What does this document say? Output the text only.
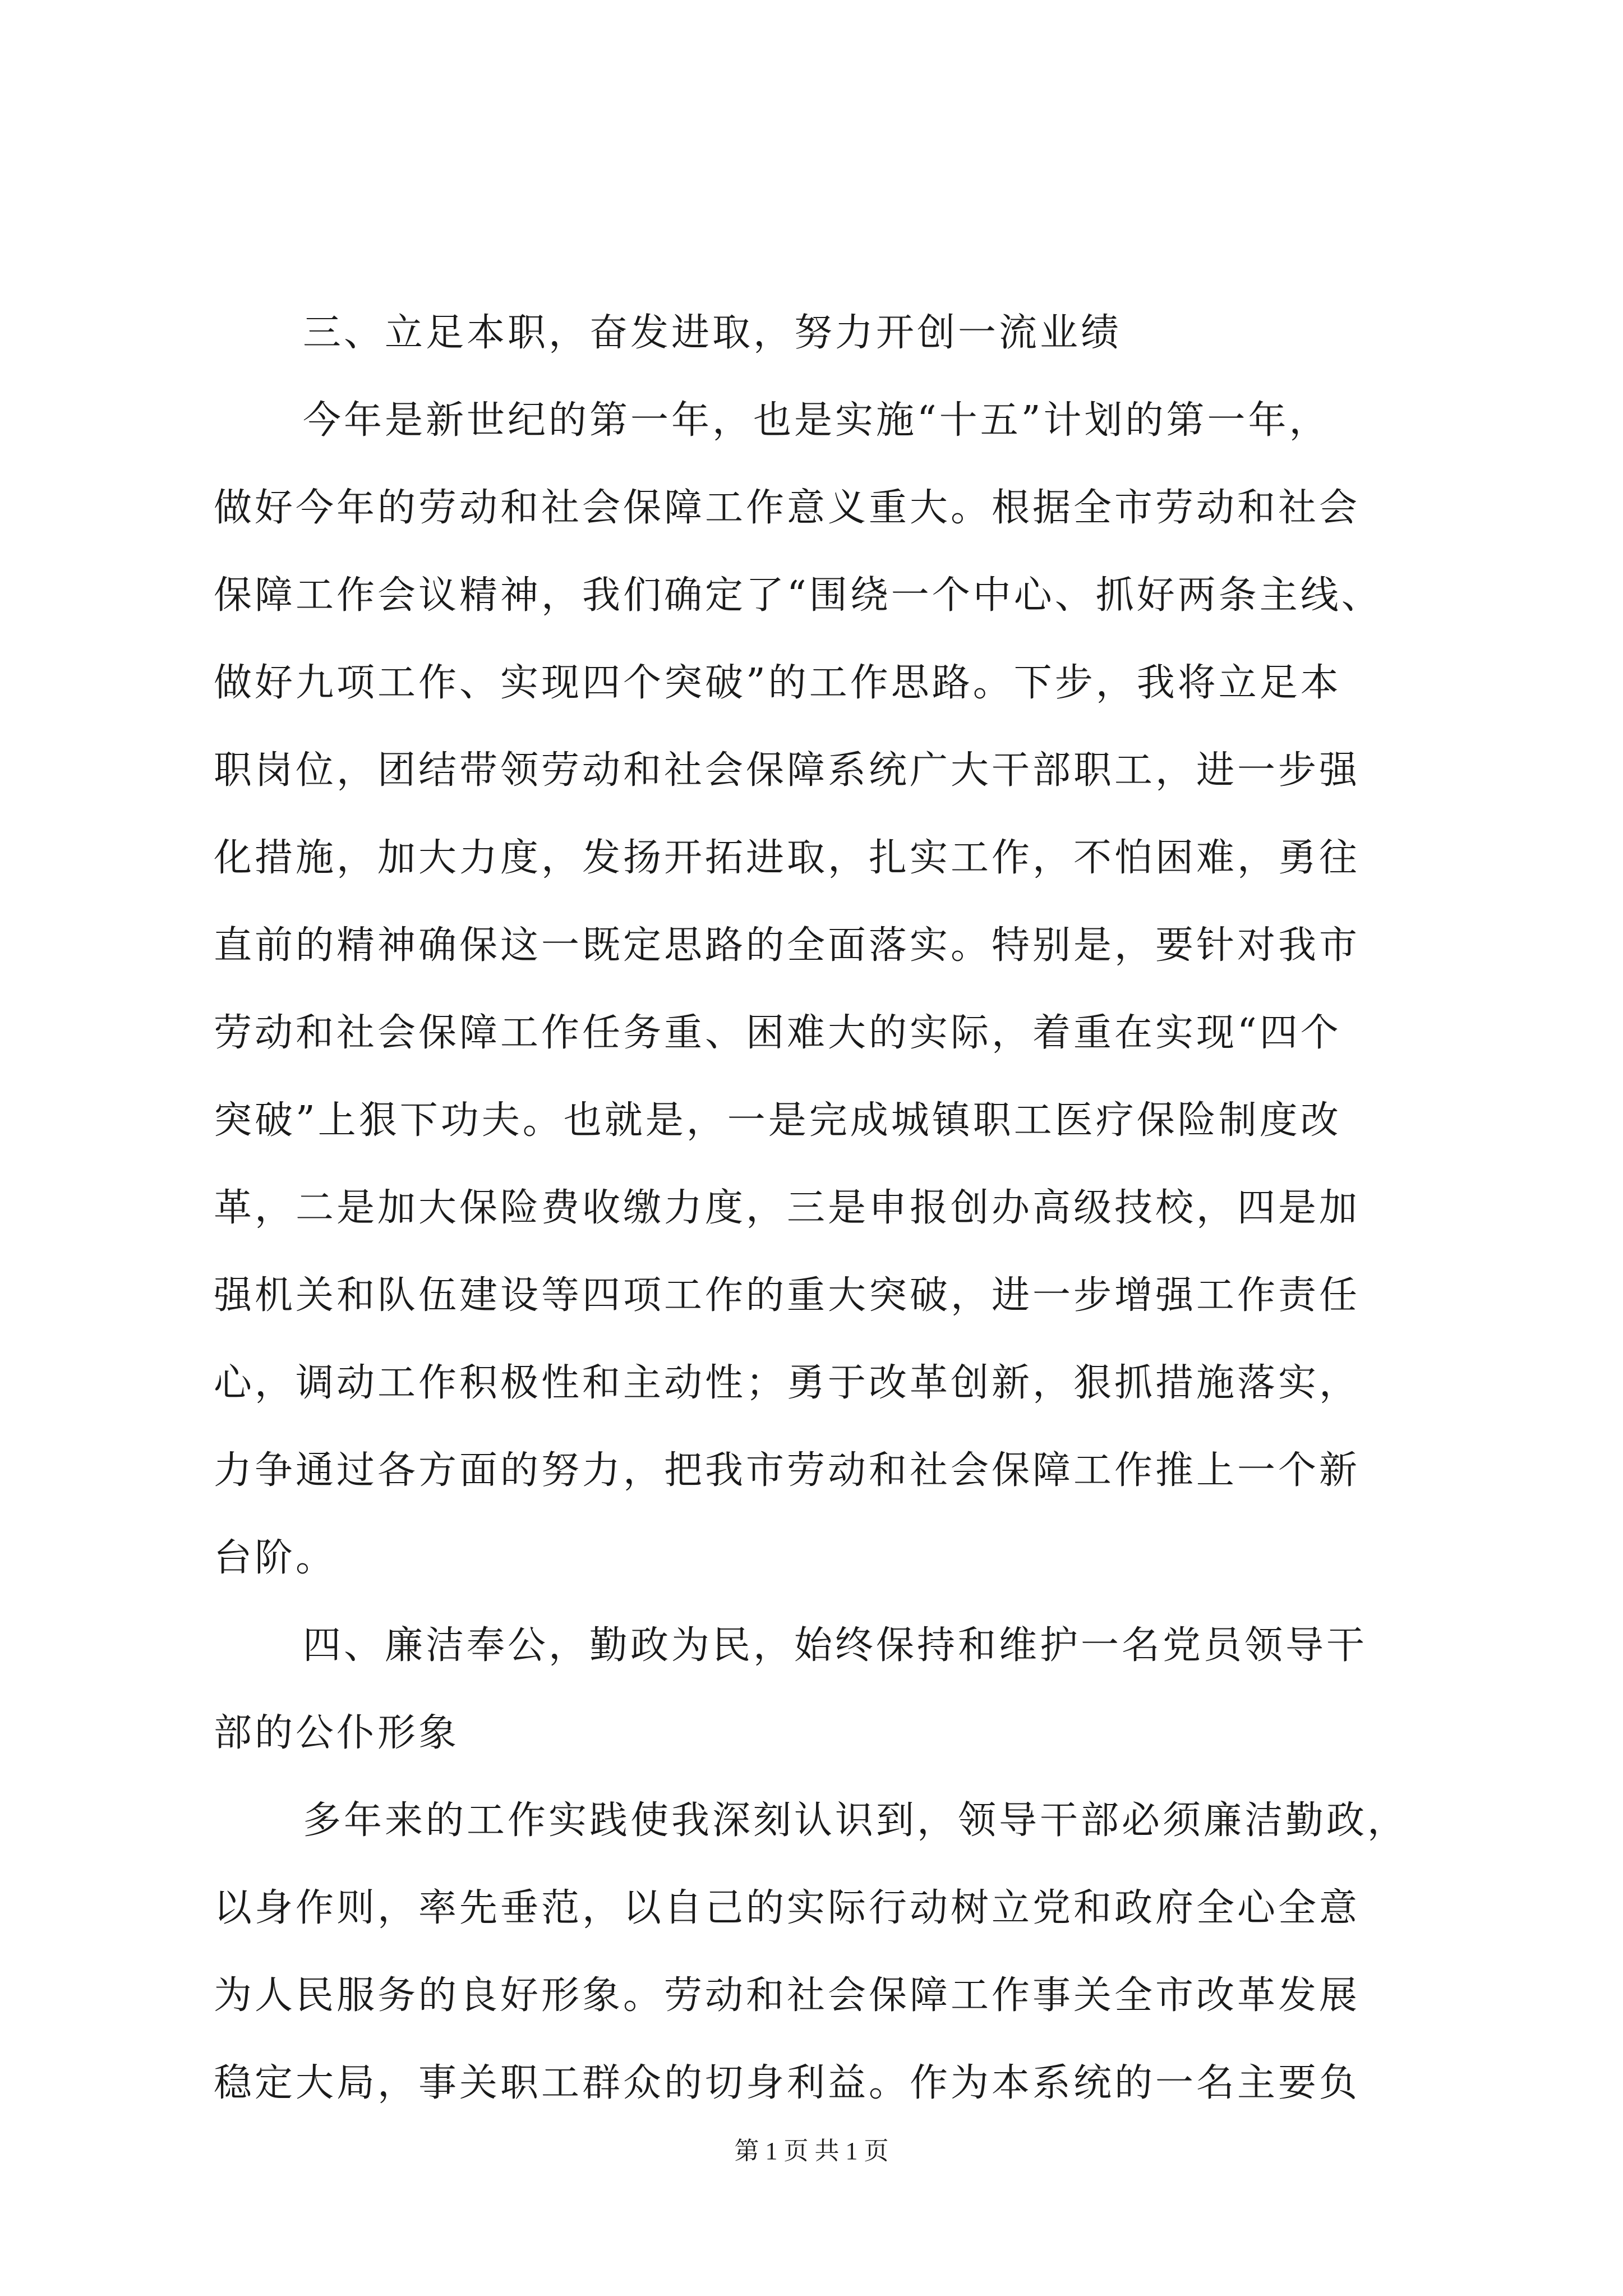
三、立足本职，奋发进取，努力开创一流业绩

今年是新世纪的第一年，也是实施“十五”计划的第一年，

做好今年的劳动和社会保障工作意义重大。根据全市劳动和社会

保障工作会议精神，我们确定了“围绕一个中心、抓好两条主线、

做好九项工作、实现四个突破”的工作思路。下步，我将立足本

职岗位，团结带领劳动和社会保障系统广大干部职工，进一步强

化措施，加大力度，发扬开拓进取，扎实工作，不怕困难，勇往

直前的精神确保这一既定思路的全面落实。特别是，要针对我市

劳动和社会保障工作任务重、困难大的实际，着重在实现“四个

突破”上狠下功夫。也就是，一是完成城镇职工医疗保险制度改

革，二是加大保险费收缴力度，三是申报创办高级技校，四是加

强机关和队伍建设等四项工作的重大突破，进一步增强工作责任

心，调动工作积极性和主动性；勇于改革创新，狠抓措施落实，

力争通过各方面的努力，把我市劳动和社会保障工作推上一个新

台阶。

四、廉洁奉公，勤政为民，始终保持和维护一名党员领导干

部的公仆形象

多年来的工作实践使我深刻认识到，领导干部必须廉洁勤政，

以身作则，率先垂范，以自己的实际行动树立党和政府全心全意

为人民服务的良好形象。劳动和社会保障工作事关全市改革发展

稳定大局，事关职工群众的切身利益。作为本系统的一名主要负

第 1 页 共 1 页
